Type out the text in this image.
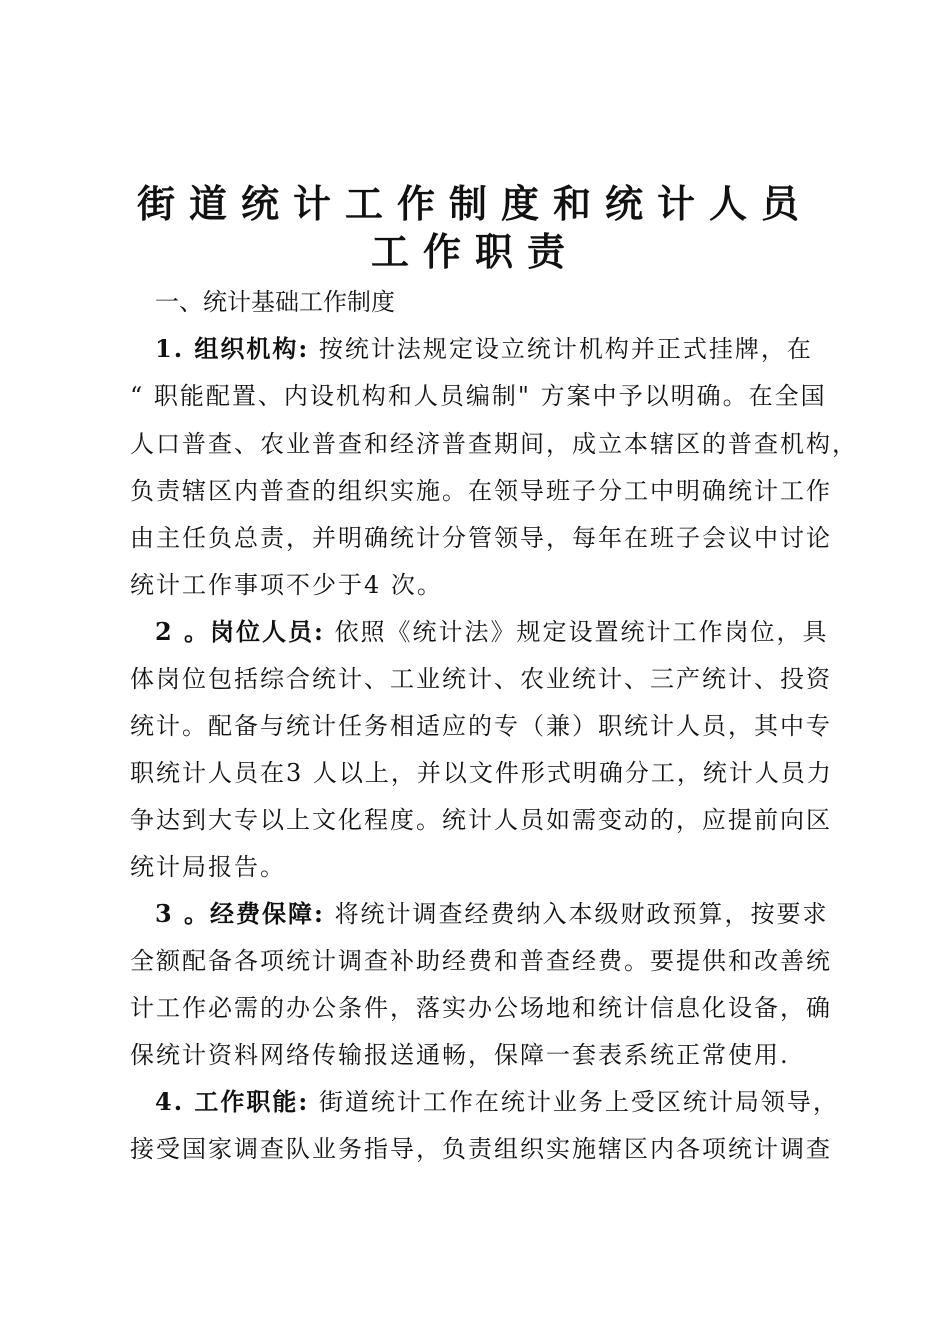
街道统计工作制度和统计人员
工作职责
一、统计基础工作制度
1. 组织机构: 按统计法规定设立统计机构并正式挂牌，在
“ 职能配置、内设机构和人员编制" 方案中予以明确。在全国
人口普查、农业普查和经济普查期间，成立本辖区的普查机构，
负责辖区内普查的组织实施。在领导班子分工中明确统计工作
由主任负总责，并明确统计分管领导，每年在班子会议中讨论
统计工作事项不少于4 次。
2 。岗位人员: 依照《统计法》规定设置统计工作岗位，具
体岗位包括综合统计、工业统计、农业统计、三产统计、投资
统计。配备与统计任务相适应的专（兼）职统计人员，其中专
职统计人员在3 人以上，并以文件形式明确分工，统计人员力
争达到大专以上文化程度。统计人员如需变动的，应提前向区
统计局报告。
3 。经费保障: 将统计调查经费纳入本级财政预算，按要求
全额配备各项统计调查补助经费和普查经费。要提供和改善统
计工作必需的办公条件，落实办公场地和统计信息化设备，确
保统计资料网络传输报送通畅，保障一套表系统正常使用.
4. 工作职能: 街道统计工作在统计业务上受区统计局领导，
接受国家调查队业务指导，负责组织实施辖区内各项统计调查
